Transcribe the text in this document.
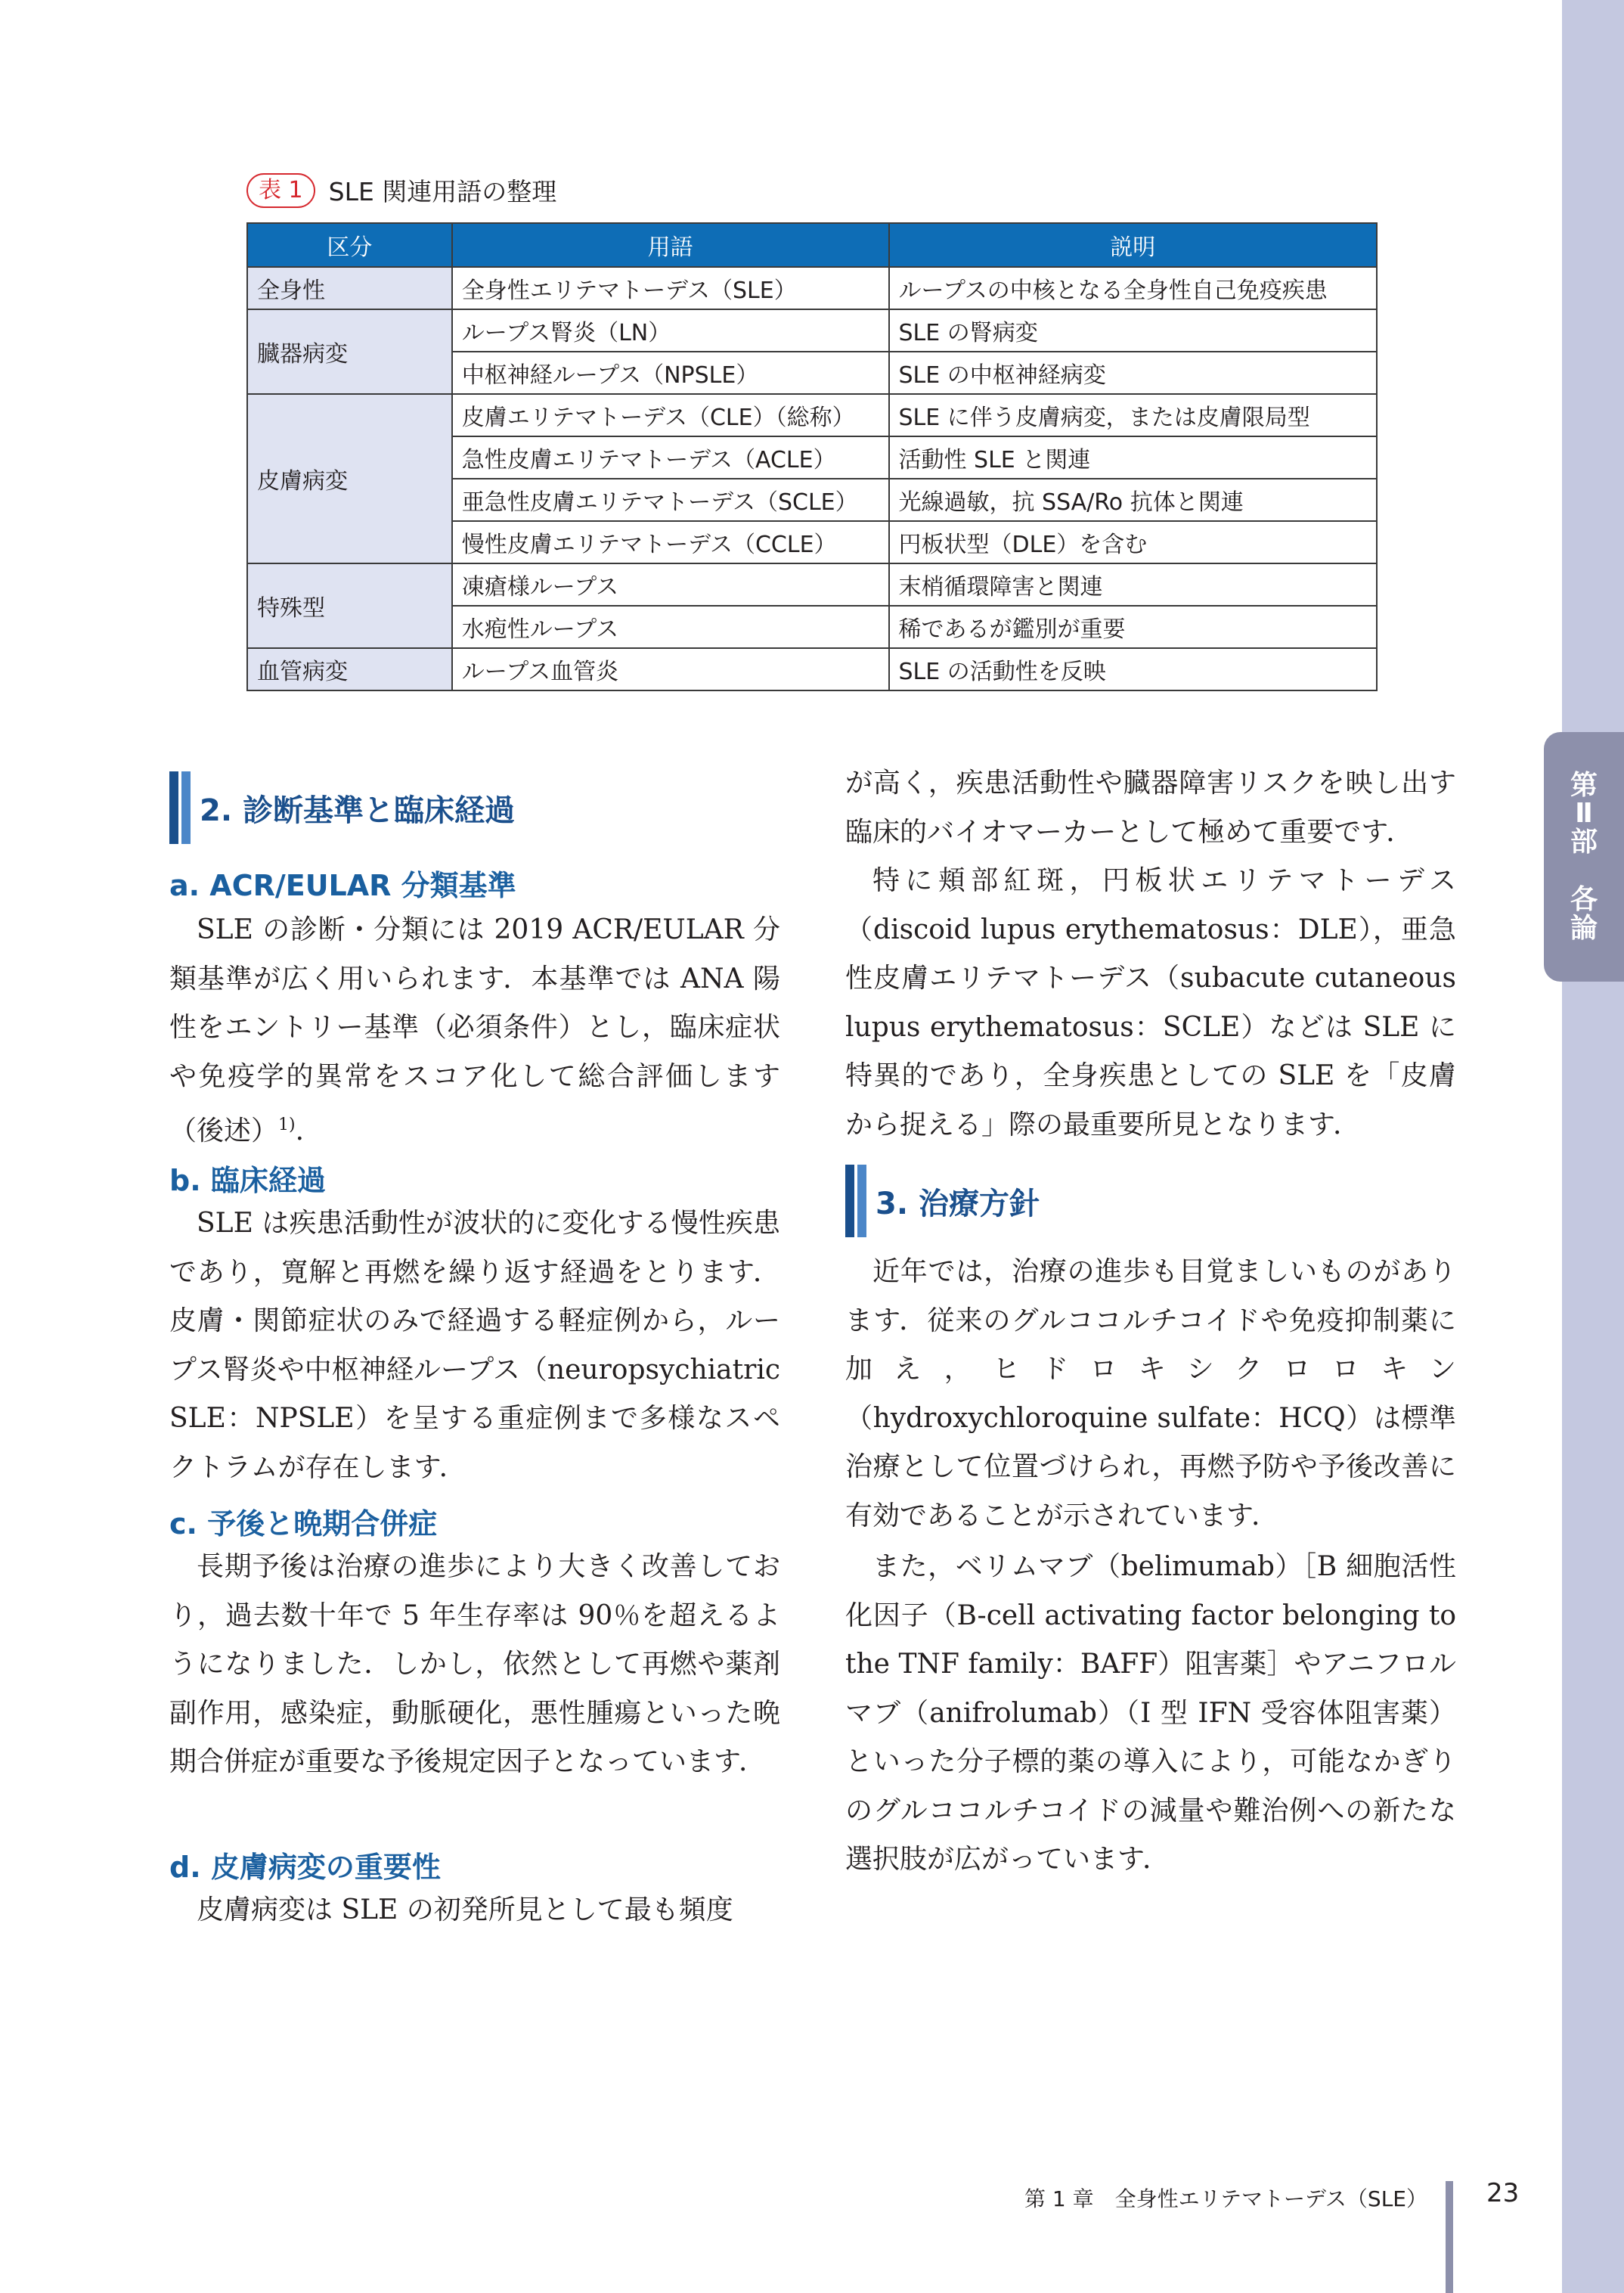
第
Ⅱ
部
各
論
表 1	SLE 関連用語の整理
区分	用語	説明
全身性	全身性エリテマトーデス（SLE）	ループスの中核となる全身性自己免疫疾患
臓器病変	ループス腎炎（LN）	SLE の腎病変
	中枢神経ループス（NPSLE）	SLE の中枢神経病変
皮膚病変	皮膚エリテマトーデス（CLE）（総称）	SLE に伴う皮膚病変，または皮膚限局型
	急性皮膚エリテマトーデス（ACLE）	活動性 SLE と関連
	亜急性皮膚エリテマトーデス（SCLE）	光線過敏，抗 SSA/Ro 抗体と関連
	慢性皮膚エリテマトーデス（CCLE）	円板状型（DLE）を含む
特殊型	凍瘡様ループス	末梢循環障害と関連
	水疱性ループス	稀であるが鑑別が重要
血管病変	ループス血管炎	SLE の活動性を反映
2. 診断基準と臨床経過
a. ACR/EULAR 分類基準

SLE の診断・分類には 2019 ACR/EULAR 分類基準が広く用いられます．本基準では ANA 陽性をエントリー基準（必須条件）とし，臨床症状や免疫学的異常をスコア化して総合評価します（後述）$^{1)}$.

b. 臨床経過

SLE は疾患活動性が波状的に変化する慢性疾患であり，寛解と再燃を繰り返す経過をとります．皮膚・関節症状のみで経過する軽症例から，ループス腎炎や中枢神経ループス（neuropsychiatric SLE：NPSLE）を呈する重症例まで多様なスペクトラムが存在します．

c. 予後と晩期合併症

長期予後は治療の進歩により大きく改善しており，過去数十年で 5 年生存率は 90％を超えるようになりました．しかし，依然として再燃や薬剤副作用，感染症，動脈硬化，悪性腫瘍といった晩期合併症が重要な予後規定因子となっています．

d. 皮膚病変の重要性

皮膚病変は SLE の初発所見として最も頻度

が高く，疾患活動性や臓器障害リスクを映し出す臨床的バイオマーカーとして極めて重要です．

特に頬部紅斑，円板状エリテマトーデス（discoid lupus erythematosus：DLE），亜急性皮膚エリテマトーデス（subacute cutaneous lupus erythematosus：SCLE）などは SLE に特異的であり，全身疾患としての SLE を「皮膚から捉える」際の最重要所見となります．

3. 治療方針

近年では，治療の進歩も目覚ましいものがあります．従来のグルココルチコイドや免疫抑制薬に加え，ヒドロキシクロロキン（hydroxychloroquine sulfate：HCQ）は標準治療として位置づけられ，再燃予防や予後改善に有効であることが示されています．

また，ベリムマブ（belimumab）［B 細胞活性化因子（B-cell activating factor belonging to the TNF family：BAFF）阻害薬］やアニフロルマブ（anifrolumab）（I 型 IFN 受容体阻害薬）といった分子標的薬の導入により，可能なかぎりのグルココルチコイドの減量や難治例への新たな選択肢が広がっています．

第 1 章　全身性エリテマトーデス（SLE） 23
